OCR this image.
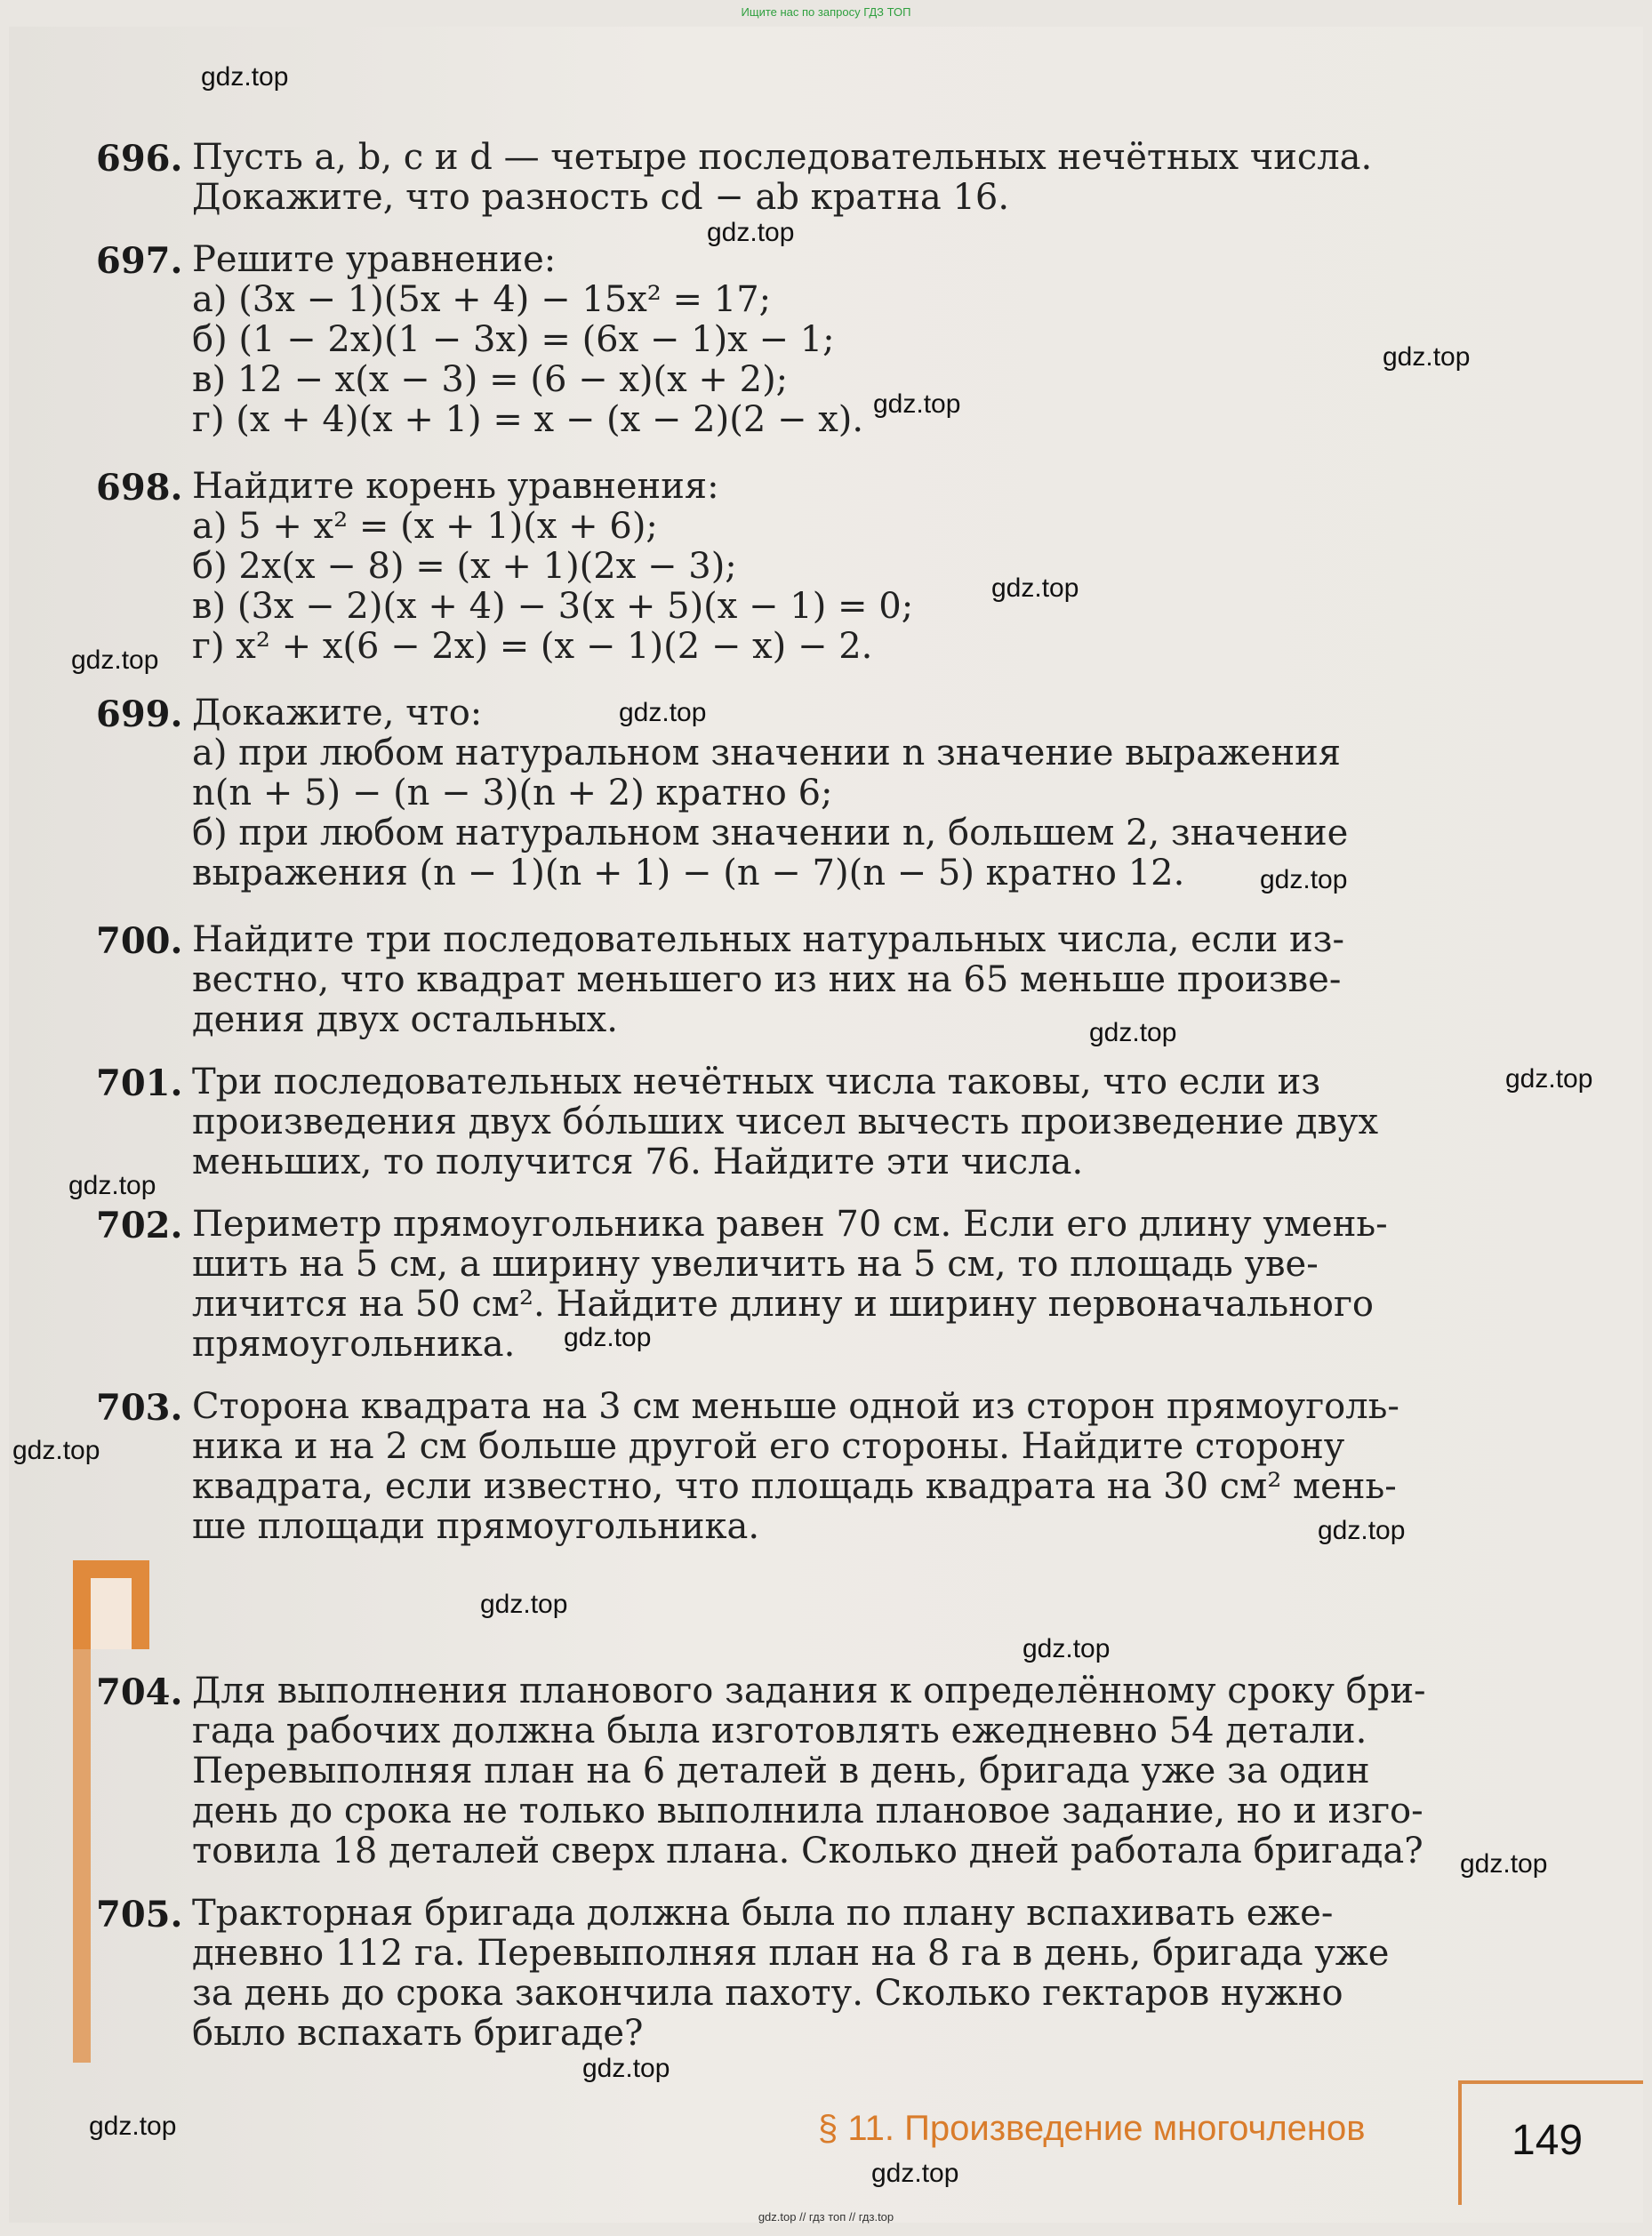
Ищите нас по запросу ГДЗ ТОП
696. Пусть a, b, c и d — четыре последовательных нечётных числа.
Докажите, что разность cd − ab кратна 16.
697. Решите уравнение:
а) (3x − 1)(5x + 4) − 15x² = 17;
б) (1 − 2x)(1 − 3x) = (6x − 1)x − 1;
в) 12 − x(x − 3) = (6 − x)(x + 2);
г) (x + 4)(x + 1) = x − (x − 2)(2 − x).
698. Найдите корень уравнения:
а) 5 + x² = (x + 1)(x + 6);
б) 2x(x − 8) = (x + 1)(2x − 3);
в) (3x − 2)(x + 4) − 3(x + 5)(x − 1) = 0;
г) x² + x(6 − 2x) = (x − 1)(2 − x) − 2.
699. Докажите, что:
а) при любом натуральном значении n значение выражения
n(n + 5) − (n − 3)(n + 2) кратно 6;
б) при любом натуральном значении n, большем 2, значение
выражения (n − 1)(n + 1) − (n − 7)(n − 5) кратно 12.
700. Найдите три последовательных натуральных числа, если из-
вестно, что квадрат меньшего из них на 65 меньше произве-
дения двух остальных.
701. Три последовательных нечётных числа таковы, что если из
произведения двух бóльших чисел вычесть произведение двух
меньших, то получится 76. Найдите эти числа.
702. Периметр прямоугольника равен 70 см. Если его длину умень-
шить на 5 см, а ширину увеличить на 5 см, то площадь уве-
личится на 50 см². Найдите длину и ширину первоначального
прямоугольника.
703. Сторона квадрата на 3 см меньше одной из сторон прямоуголь-
ника и на 2 см больше другой его стороны. Найдите сторону
квадрата, если известно, что площадь квадрата на 30 см² мень-
ше площади прямоугольника.
704. Для выполнения планового задания к определённому сроку бри-
гада рабочих должна была изготовлять ежедневно 54 детали.
Перевыполняя план на 6 деталей в день, бригада уже за один
день до срока не только выполнила плановое задание, но и изго-
товила 18 деталей сверх плана. Сколько дней работала бригада?
705. Тракторная бригада должна была по плану вспахивать еже-
дневно 112 га. Перевыполняя план на 8 га в день, бригада уже
за день до срока закончила пахоту. Сколько гектаров нужно
было вспахать бригаде?
gdz.top
gdz.top
gdz.top
gdz.top
gdz.top
gdz.top
gdz.top
gdz.top
gdz.top
gdz.top
gdz.top
gdz.top
gdz.top
gdz.top
gdz.top
gdz.top
gdz.top
gdz.top
gdz.top
gdz.top
§ 11. Произведение многочленов	149
gdz.top // гдз топ // гдз.top
